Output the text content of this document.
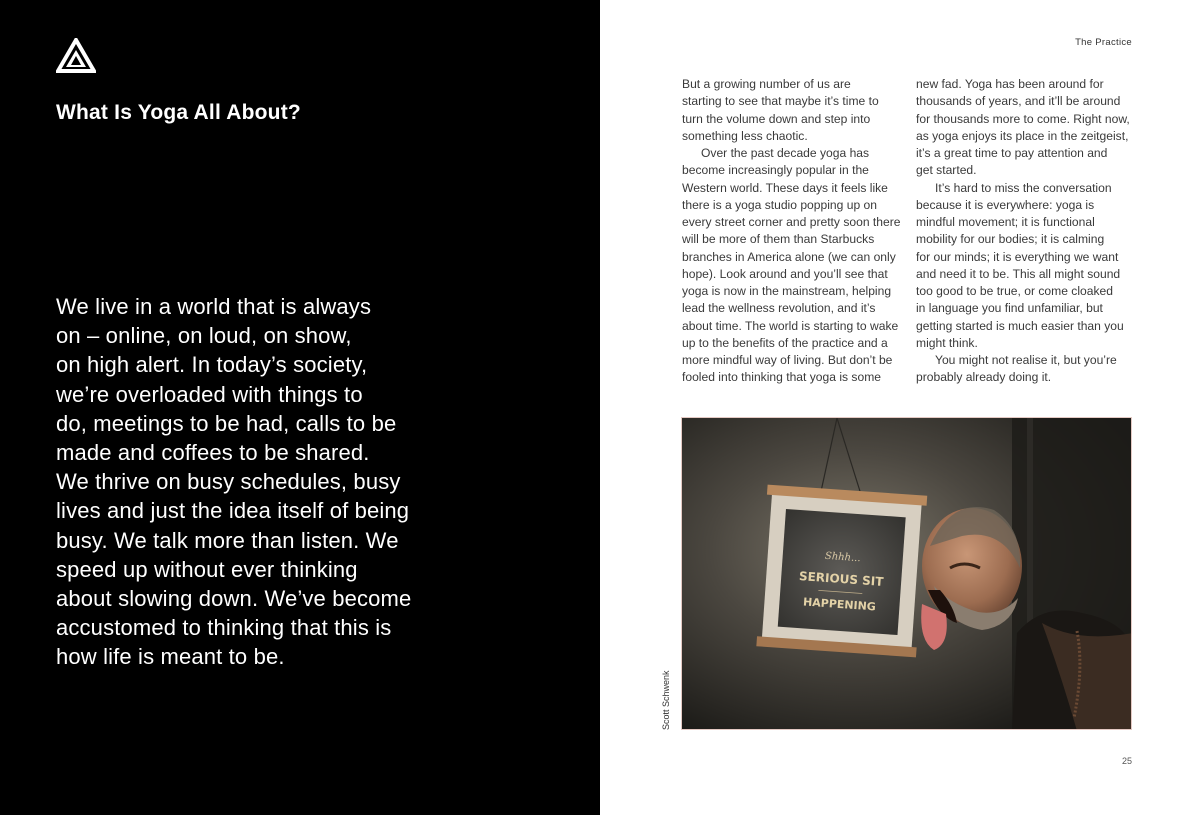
What Is Yoga All About?
We live in a world that is always
on – online, on loud, on show,
on high alert. In today’s society,
we’re overloaded with things to
do, meetings to be had, calls to be
made and coffees to be shared.
We thrive on busy schedules, busy
lives and just the idea itself of being
busy. We talk more than listen. We
speed up without ever thinking
about slowing down. We’ve become
accustomed to thinking that this is
how life is meant to be.
The Practice
But a growing number of us are
starting to see that maybe it’s time to
turn the volume down and step into
something less chaotic.
Over the past decade yoga has
become increasingly popular in the
Western world. These days it feels like
there is a yoga studio popping up on
every street corner and pretty soon there
will be more of them than Starbucks
branches in America alone (we can only
hope). Look around and you’ll see that
yoga is now in the mainstream, helping
lead the wellness revolution, and it’s
about time. The world is starting to wake
up to the benefits of the practice and a
more mindful way of living. But don’t be
fooled into thinking that yoga is some
new fad. Yoga has been around for
thousands of years, and it’ll be around
for thousands more to come. Right now,
as yoga enjoys its place in the zeitgeist,
it’s a great time to pay attention and
get started.
It’s hard to miss the conversation
because it is everywhere: yoga is
mindful movement; it is functional
mobility for our bodies; it is calming
for our minds; it is everything we want
and need it to be. This all might sound
too good to be true, or come cloaked
in language you find unfamiliar, but
getting started is much easier than you
might think.
You might not realise it, but you’re
probably already doing it.
Shhh...
SERIOUS SIT
HAPPENING
Scott Schwenk
25
